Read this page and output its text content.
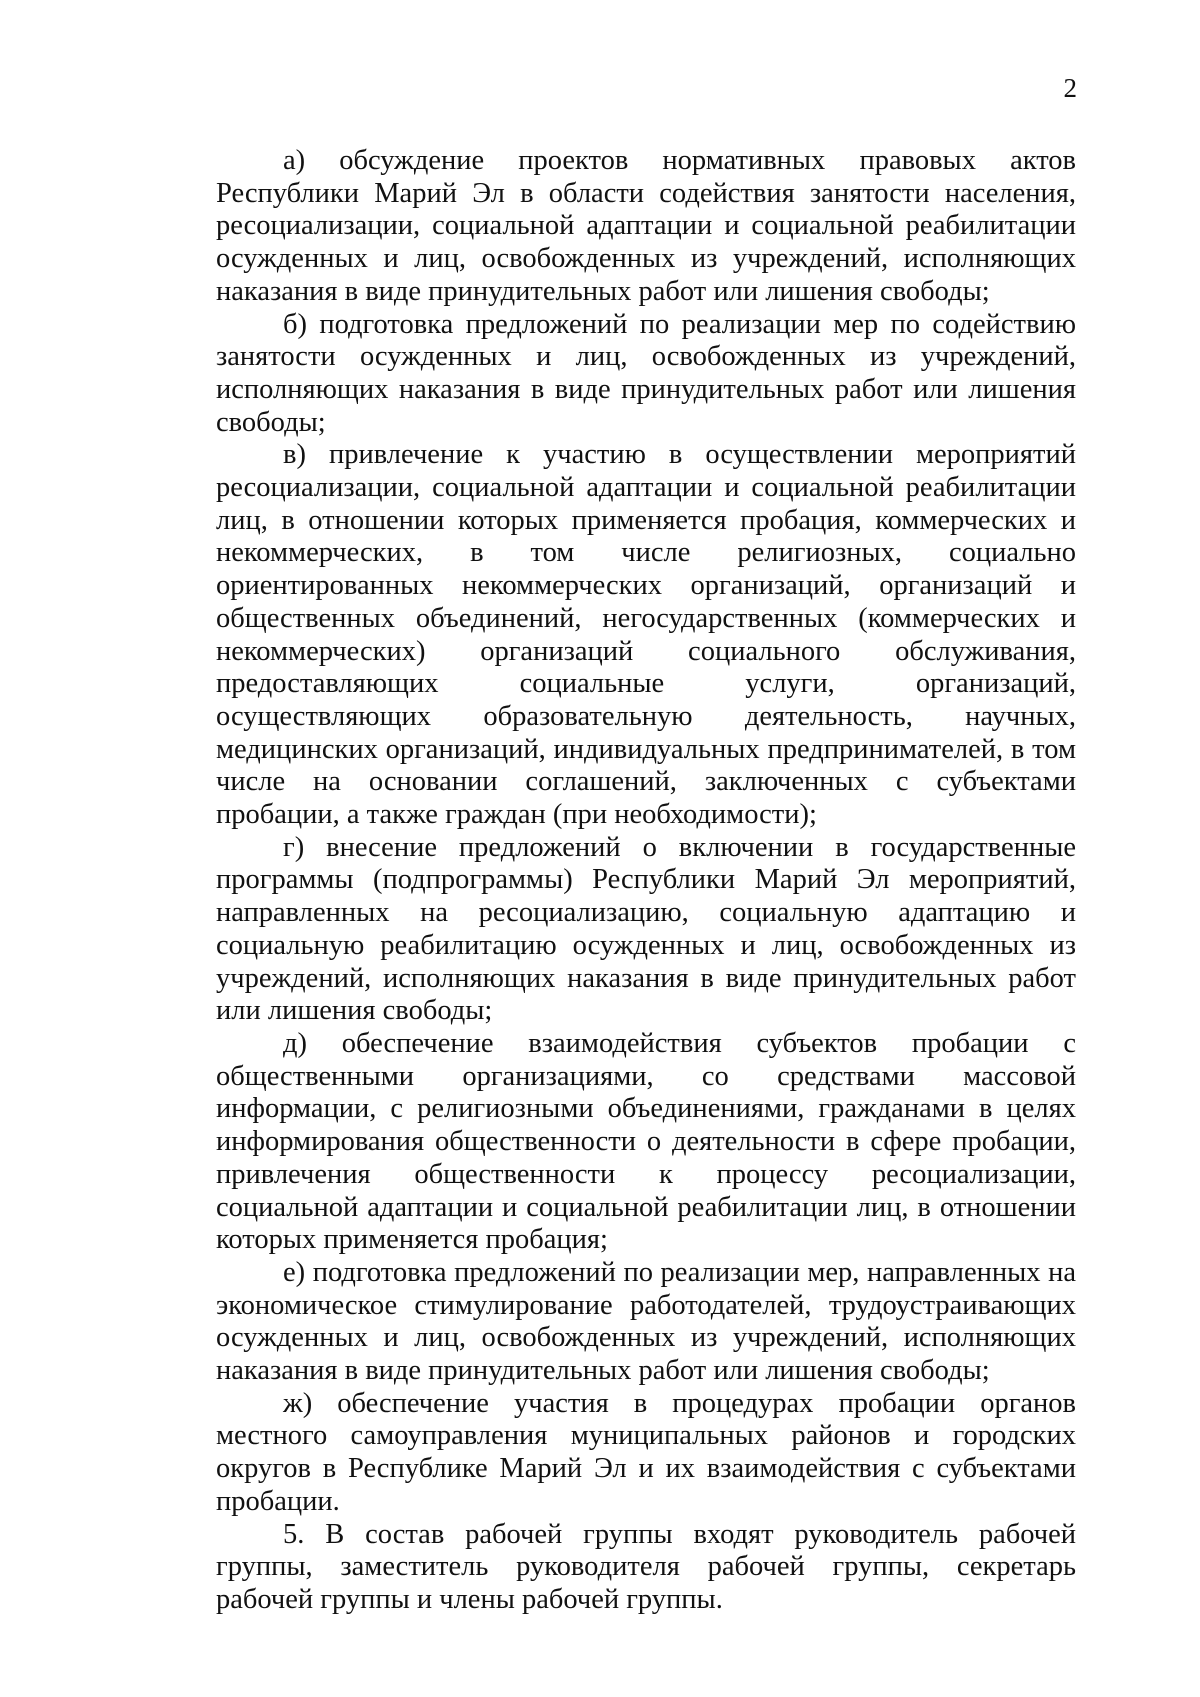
2

а) обсуждение проектов нормативных правовых актов Республики Марий Эл в области содействия занятости населения, ресоциализации, социальной адаптации и социальной реабилитации осужденных и лиц, освобожденных из учреждений, исполняющих наказания в виде принудительных работ или лишения свободы;

б) подготовка предложений по реализации мер по содействию занятости осужденных и лиц, освобожденных из учреждений, исполняющих наказания в виде принудительных работ или лишения свободы;

в) привлечение к участию в осуществлении мероприятий ресоциализации, социальной адаптации и социальной реабилитации лиц, в отношении которых применяется пробация, коммерческих и некоммерческих, в том числе религиозных, социально ориентированных некоммерческих организаций, организаций и общественных объединений, негосударственных (коммерческих и некоммерческих) организаций социального обслуживания, предоставляющих социальные услуги, организаций, осуществляющих образовательную деятельность, научных, медицинских организаций, индивидуальных предпринимателей, в том числе на основании соглашений, заключенных с субъектами пробации, а также граждан (при необходимости);

г) внесение предложений о включении в государственные программы (подпрограммы) Республики Марий Эл мероприятий, направленных на ресоциализацию, социальную адаптацию и социальную реабилитацию осужденных и лиц, освобожденных из учреждений, исполняющих наказания в виде принудительных работ или лишения свободы;

д) обеспечение взаимодействия субъектов пробации с общественными организациями, со средствами массовой информации, с религиозными объединениями, гражданами в целях информирования общественности о деятельности в сфере пробации, привлечения общественности к процессу ресоциализации, социальной адаптации и социальной реабилитации лиц, в отношении которых применяется пробация;

е) подготовка предложений по реализации мер, направленных на экономическое стимулирование работодателей, трудоустраивающих осужденных и лиц, освобожденных из учреждений, исполняющих наказания в виде принудительных работ или лишения свободы;

ж) обеспечение участия в процедурах пробации органов местного самоуправления муниципальных районов и городских округов в Республике Марий Эл и их взаимодействия с субъектами пробации.

5. В состав рабочей группы входят руководитель рабочей группы, заместитель руководителя рабочей группы, секретарь рабочей группы и члены рабочей группы.
